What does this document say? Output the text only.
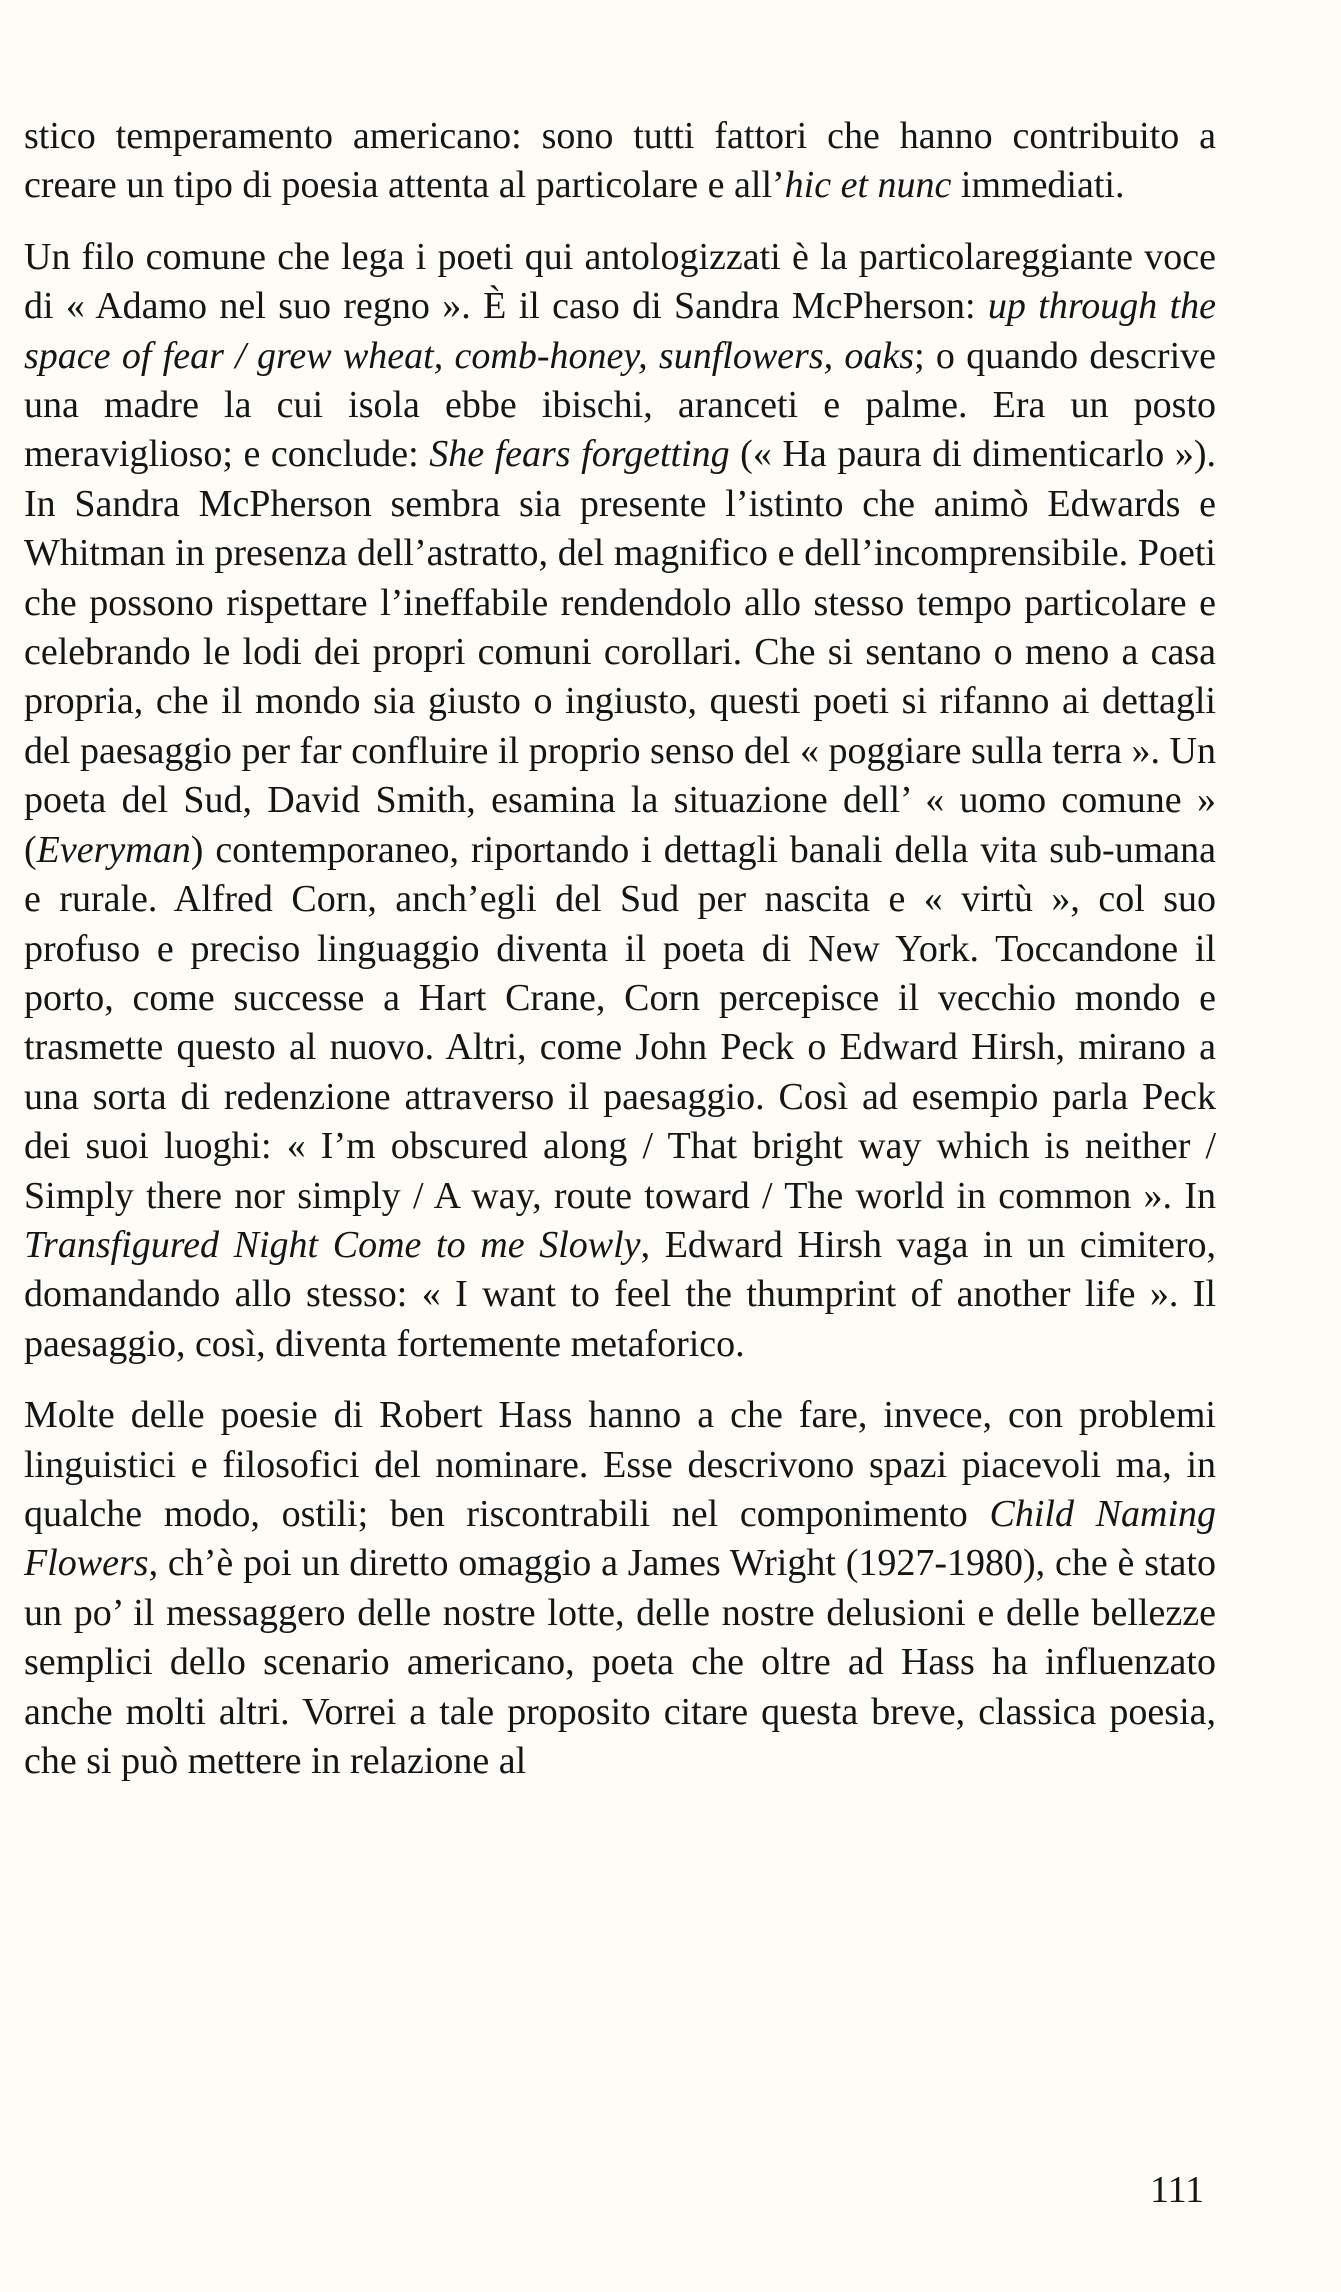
stico temperamento americano: sono tutti fattori che hanno contribuito a creare un tipo di poesia attenta al particolare e all’hic et nunc immediati.

Un filo comune che lega i poeti qui antologizzati è la particolareggiante voce di « Adamo nel suo regno ». È il caso di Sandra McPherson: up through the space of fear / grew wheat, comb-honey, sunflowers, oaks; o quando descrive una madre la cui isola ebbe ibischi, aranceti e palme. Era un posto meraviglioso; e conclude: She fears forgetting (« Ha paura di dimenticarlo »). In Sandra McPherson sembra sia presente l’istinto che animò Edwards e Whitman in presenza dell’astratto, del magnifico e dell’incomprensibile. Poeti che possono rispettare l’ineffabile rendendolo allo stesso tempo particolare e celebrando le lodi dei propri comuni corollari. Che si sentano o meno a casa propria, che il mondo sia giusto o ingiusto, questi poeti si rifanno ai dettagli del paesaggio per far confluire il proprio senso del « poggiare sulla terra ». Un poeta del Sud, David Smith, esamina la situazione dell’ « uomo comune » (Everyman) contemporaneo, riportando i dettagli banali della vita sub-umana e rurale. Alfred Corn, anch’egli del Sud per nascita e « virtù », col suo profuso e preciso linguaggio diventa il poeta di New York. Toccandone il porto, come successe a Hart Crane, Corn percepisce il vecchio mondo e trasmette questo al nuovo. Altri, come John Peck o Edward Hirsh, mirano a una sorta di redenzione attraverso il paesaggio. Così ad esempio parla Peck dei suoi luoghi: « I’m obscured along / That bright way which is neither / Simply there nor simply / A way, route toward / The world in common ». In Transfigured Night Come to me Slowly, Edward Hirsh vaga in un cimitero, domandando allo stesso: « I want to feel the thumprint of another life ». Il paesaggio, così, diventa fortemente metaforico.

Molte delle poesie di Robert Hass hanno a che fare, invece, con problemi linguistici e filosofici del nominare. Esse descrivono spazi piacevoli ma, in qualche modo, ostili; ben riscontrabili nel componimento Child Naming Flowers, ch’è poi un diretto omaggio a James Wright (1927-1980), che è stato un po’ il messaggero delle nostre lotte, delle nostre delusioni e delle bellezze semplici dello scenario americano, poeta che oltre ad Hass ha influenzato anche molti altri. Vorrei a tale proposito citare questa breve, classica poesia, che si può mettere in relazione al

111
